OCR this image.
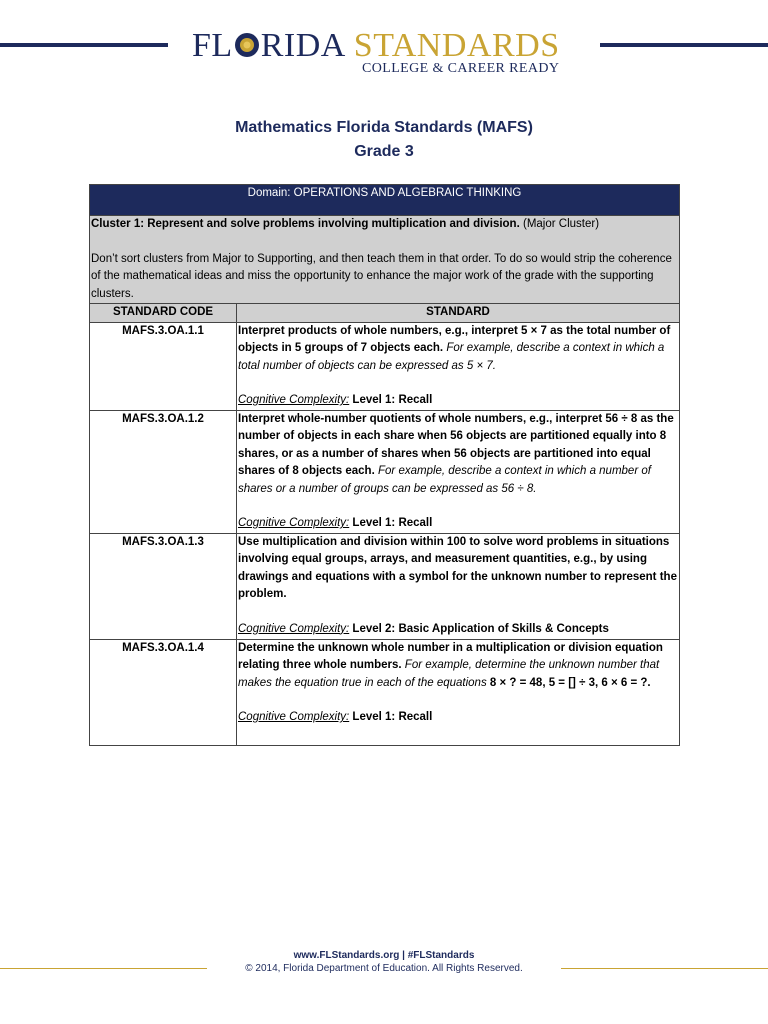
FL RIDA STANDARDS
COLLEGE & CAREER READY
Mathematics Florida Standards (MAFS)
Grade 3
Domain: OPERATIONS AND ALGEBRAIC THINKING	

Cluster 1: Represent and solve problems involving multiplication and division. (Major Cluster)
Don’t sort clusters from Major to Supporting, and then teach them in that order. To do so would strip the coherence of the mathematical ideas and miss the opportunity to enhance the major work of the grade with the supporting clusters.	

STANDARD CODE	STANDARD
MAFS.3.OA.1.1	Interpret products of whole numbers, e.g., interpret 5 × 7 as the total number of objects in 5 groups of 7 objects each. For example, describe a context in which a total number of objects can be expressed as 5 × 7.
Cognitive Complexity: Level 1: Recall

MAFS.3.OA.1.2	Interpret whole-number quotients of whole numbers, e.g., interpret 56 ÷ 8 as the number of objects in each share when 56 objects are partitioned equally into 8 shares, or as a number of shares when 56 objects are partitioned into equal shares of 8 objects each. For example, describe a context in which a number of shares or a number of groups can be expressed as 56 ÷ 8.
Cognitive Complexity: Level 1: Recall

MAFS.3.OA.1.3	Use multiplication and division within 100 to solve word problems in situations involving equal groups, arrays, and measurement quantities, e.g., by using drawings and equations with a symbol for the unknown number to represent the problem.
Cognitive Complexity: Level 2: Basic Application of Skills & Concepts

MAFS.3.OA.1.4	Determine the unknown whole number in a multiplication or division equation relating three whole numbers. For example, determine the unknown number that makes the equation true in each of the equations 8 × ? = 48, 5 = [] ÷ 3, 6 × 6 = ?.
Cognitive Complexity: Level 1: Recall
www.FLStandards.org | #FLStandards
© 2014, Florida Department of Education. All Rights Reserved.
